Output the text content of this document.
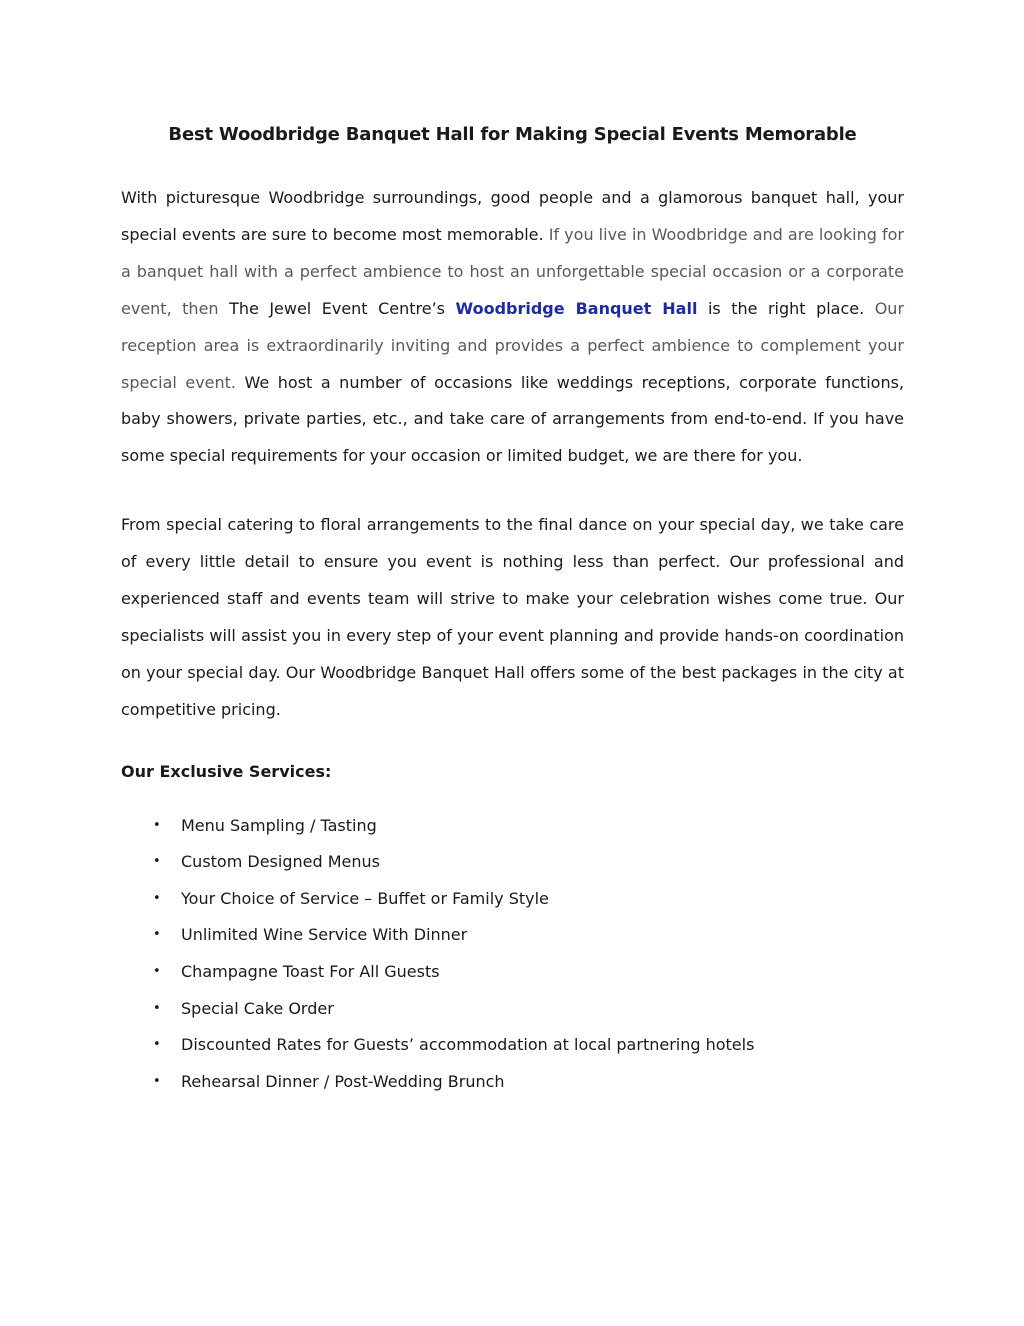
Best Woodbridge Banquet Hall for Making Special Events Memorable

With picturesque Woodbridge surroundings, good people and a glamorous banquet hall, your special events are sure to become most memorable. If you live in Woodbridge and are looking for a banquet hall with a perfect ambience to host an unforgettable special occasion or a corporate event, then The Jewel Event Centre’s Woodbridge Banquet Hall is the right place. Our reception area is extraordinarily inviting and provides a perfect ambience to complement your special event. We host a number of occasions like weddings receptions, corporate functions, baby showers, private parties, etc., and take care of arrangements from end-to-end. If you have some special requirements for your occasion or limited budget, we are there for you.

From special catering to floral arrangements to the final dance on your special day, we take care of every little detail to ensure you event is nothing less than perfect. Our professional and experienced staff and events team will strive to make your celebration wishes come true. Our specialists will assist you in every step of your event planning and provide hands-on coordination on your special day. Our Woodbridge Banquet Hall offers some of the best packages in the city at competitive pricing.

Our Exclusive Services:
• Menu Sampling / Tasting
• Custom Designed Menus
• Your Choice of Service – Buffet or Family Style
• Unlimited Wine Service With Dinner
• Champagne Toast For All Guests
• Special Cake Order
• Discounted Rates for Guests’ accommodation at local partnering hotels
• Rehearsal Dinner / Post-Wedding Brunch
